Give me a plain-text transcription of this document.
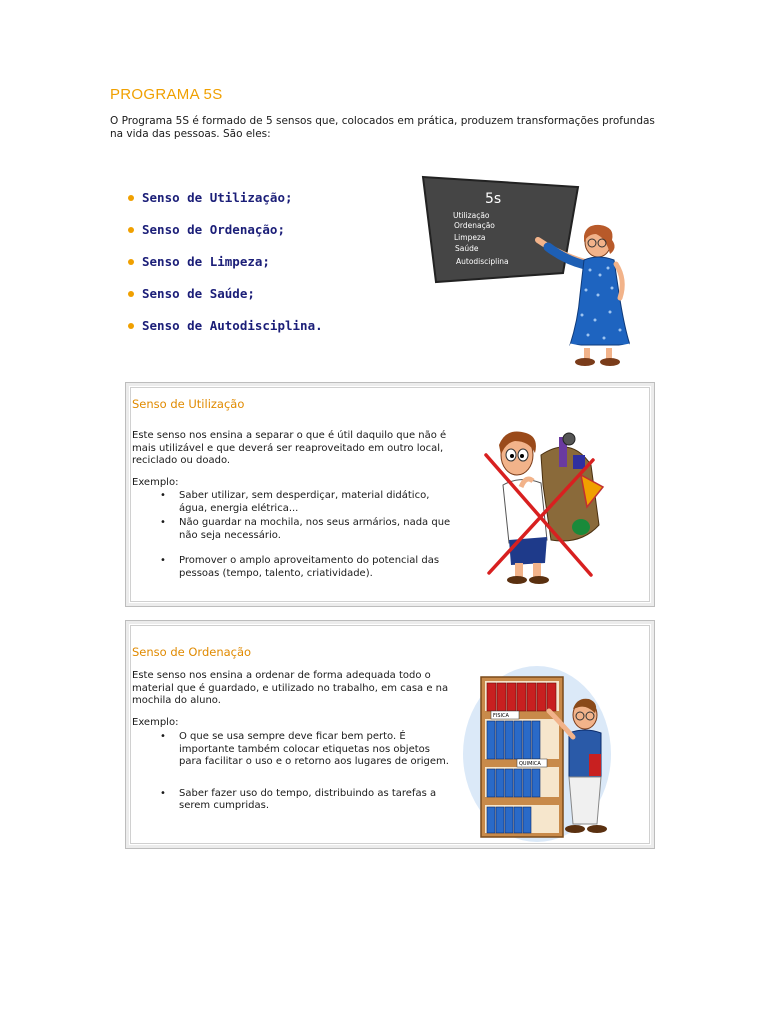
PROGRAMA 5S

O Programa 5S é formado de 5 sensos que, colocados em prática, produzem transformações profundas na vida das pessoas. São eles:

Senso de Utilização;
Senso de Ordenação;
Senso de Limpeza;
Senso de Saúde;
Senso de Autodisciplina.
5s
Utilização
Ordenação
Limpeza
Saúde
Autodisciplina
Senso de Utilização

Este senso nos ensina a separar o que é útil daquilo que não é mais utilizável e que deverá ser reaproveitado em outro local, reciclado ou doado.

Exemplo:

• Saber utilizar, sem desperdiçar, material didático, água, energia elétrica...
• Não guardar na mochila, nos seus armários, nada que não seja necessário.
• Promover o amplo aproveitamento do potencial das pessoas (tempo, talento, criatividade).
Senso de Ordenação

Este senso nos ensina a ordenar de forma adequada todo o material que é guardado, e utilizado no trabalho, em casa e na mochila do aluno.

Exemplo:

• O que se usa sempre deve ficar bem perto. É importante também colocar etiquetas nos objetos para facilitar o uso e o retorno aos lugares de origem.
• Saber fazer uso do tempo, distribuindo as tarefas a serem cumpridas.
FISICA
QUIMICA
